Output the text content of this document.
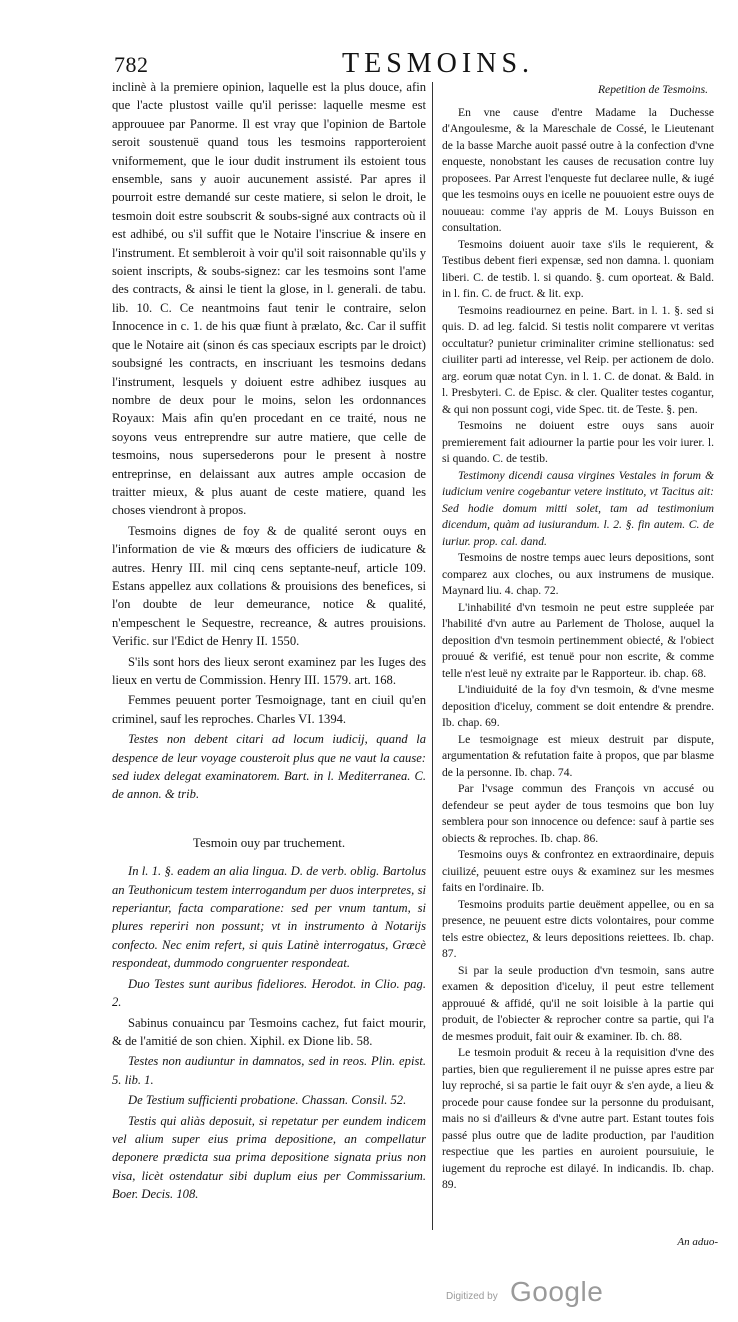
782	TESMOINS.

inclinè à la premiere opinion, laquelle est la plus douce, afin que l'acte plustost vaille qu'il perisse: laquelle mesme est approuuee par Panorme. Il est vray que l'opinion de Bartole seroit soustenuë quand tous les tesmoins rapporteroient vniformement, que le iour dudit instrument ils estoient tous ensemble, sans y auoir aucunement assisté. Par apres il pourroit estre demandé sur ceste matiere, si selon le droit, le tesmoin doit estre soubscrit & soubs-signé aux contracts où il est adhibé, ou s'il suffit que le Notaire l'inscriue & insere en l'instrument. Et sembleroit à voir qu'il soit raisonnable qu'ils y soient inscripts, & soubs-signez: car les tesmoins sont l'ame des contracts, & ainsi le tient la glose, in l. generali. de tabu. lib. 10. C. Ce neantmoins faut tenir le contraire, selon Innocence in c. 1. de his quæ fiunt à prælato, &c. Car il suffit que le Notaire ait (sinon és cas speciaux escripts par le droict) soubsigné les contracts, en inscriuant les tesmoins dedans l'instrument, lesquels y doiuent estre adhibez iusques au nombre de deux pour le moins, selon les ordonnances Royaux: Mais afin qu'en procedant en ce traité, nous ne soyons veus entreprendre sur autre matiere, que celle de tesmoins, nous supersederons pour le present à nostre entreprinse, en delaissant aux autres ample occasion de traitter mieux, & plus auant de ceste matiere, quand les choses viendront à propos.

Tesmoins dignes de foy & de qualité seront ouys en l'information de vie & mœurs des officiers de iudicature & autres. Henry III. mil cinq cens septante-neuf, article 109. Estans appellez aux collations & prouisions des benefices, si l'on doubte de leur demeurance, notice & qualité, n'empeschent le Sequestre, recreance, & autres prouisions. Verific. sur l'Edict de Henry II. 1550.

S'ils sont hors des lieux seront examinez par les Iuges des lieux en vertu de Commission. Henry III. 1579. art. 168.

Femmes peuuent porter Tesmoignage, tant en ciuil qu'en criminel, sauf les reproches. Charles VI. 1394.

Testes non debent citari ad locum iudicij, quand la despence de leur voyage cousteroit plus que ne vaut la cause: sed iudex delegat examinatorem. Bart. in l. Mediterranea. C. de annon. & trib.

Tesmoin ouy par truchement.

In l. 1. §. eadem an alia lingua. D. de verb. oblig. Bartolus an Teuthonicum testem interrogandum per duos interpretes, si reperiantur, facta comparatione: sed per vnum tantum, si plures reperiri non possunt; vt in instrumento à Notarijs confecto. Nec enim refert, si quis Latinè interrogatus, Græcè respondeat, dummodo congruenter respondeat.

Duo Testes sunt auribus fideliores. Herodot. in Clio. pag. 2.

Sabinus conuaincu par Tesmoins cachez, fut faict mourir, & de l'amitié de son chien. Xiphil. ex Dione lib. 58.

Testes non audiuntur in damnatos, sed in reos. Plin. epist. 5. lib. 1.

De Testium sufficienti probatione. Chassan. Consil. 52.

Testis qui aliàs deposuit, si repetatur per eundem indicem vel alium super eius prima depositione, an compellatur deponere prædicta sua prima depositione signata prius non visa, licèt ostendatur sibi duplum eius per Commissarium. Boer. Decis. 108.

Repetition de Tesmoins.

En vne cause d'entre Madame la Duchesse d'Angoulesme, & la Mareschale de Cossé, le Lieutenant de la basse Marche auoit passé outre à la confection d'vne enqueste, nonobstant les causes de recusation contre luy proposees. Par Arrest l'enqueste fut declaree nulle, & iugé que les tesmoins ouys en icelle ne pouuoient estre ouys de nouueau: comme i'ay appris de M. Louys Buisson en consultation.

Tesmoins doiuent auoir taxe s'ils le requierent, & Testibus debent fieri expensæ, sed non damna. l. quoniam liberi. C. de testib. l. si quando. §. cum oporteat. & Bald. in l. fin. C. de fruct. & lit. exp.

Tesmoins readiournez en peine. Bart. in l. 1. §. sed si quis. D. ad leg. falcid. Si testis nolit comparere vt veritas occultatur? punietur criminaliter crimine stellionatus: sed ciuiliter parti ad interesse, vel Reip. per actionem de dolo. arg. eorum quæ notat Cyn. in l. 1. C. de donat. & Bald. in l. Presbyteri. C. de Episc. & cler. Qualiter testes cogantur, & qui non possunt cogi, vide Spec. tit. de Teste. §. pen.

Tesmoins ne doiuent estre ouys sans auoir premierement fait adiourner la partie pour les voir iurer. l. si quando. C. de testib.

Testimony dicendi causa virgines Vestales in forum & iudicium venire cogebantur vetere instituto, vt Tacitus ait: Sed hodie domum mitti solet, tam ad testimonium dicendum, quàm ad iusiurandum. l. 2. §. fin autem. C. de iuriur. prop. cal. dand.

Tesmoins de nostre temps auec leurs depositions, sont comparez aux cloches, ou aux instrumens de musique. Maynard liu. 4. chap. 72.

L'inhabilité d'vn tesmoin ne peut estre suppleée par l'habilité d'vn autre au Parlement de Tholose, auquel la deposition d'vn tesmoin pertinemment obiecté, & l'obiect prouué & verifié, est tenuë pour non escrite, & comme telle n'est leuë ny extraite par le Rapporteur. ib. chap. 68.

L'indiuiduité de la foy d'vn tesmoin, & d'vne mesme deposition d'iceluy, comment se doit entendre & prendre. Ib. chap. 69.

Le tesmoignage est mieux destruit par dispute, argumentation & refutation faite à propos, que par blasme de la personne. Ib. chap. 74.

Par l'vsage commun des François vn accusé ou defendeur se peut ayder de tous tesmoins que bon luy semblera pour son innocence ou defence: sauf à partie ses obiects & reproches. Ib. chap. 86.

Tesmoins ouys & confrontez en extraordinaire, depuis ciuilizé, peuuent estre ouys & examinez sur les mesmes faits en l'ordinaire. Ib.

Tesmoins produits partie deuëment appellee, ou en sa presence, ne peuuent estre dicts volontaires, pour comme tels estre obiectez, & leurs depositions reiettees. Ib. chap. 87.

Si par la seule production d'vn tesmoin, sans autre examen & deposition d'iceluy, il peut estre tellement approuué & affidé, qu'il ne soit loisible à la partie qui produit, de l'obiecter & reprocher contre sa partie, qui l'a de mesmes produit, fait ouir & examiner. Ib. ch. 88.

Le tesmoin produit & receu à la requisition d'vne des parties, bien que regulierement il ne puisse apres estre par luy reproché, si sa partie le fait ouyr & s'en ayde, a lieu & procede pour cause fondee sur la personne du produisant, mais no si d'ailleurs & d'vne autre part. Estant toutes fois passé plus outre que de ladite production, par l'audition respectiue que les parties en auroient poursuiuie, le iugement du reproche est dilayé. In indicandis. Ib. chap. 89.

An aduo-
Digitized by Google
